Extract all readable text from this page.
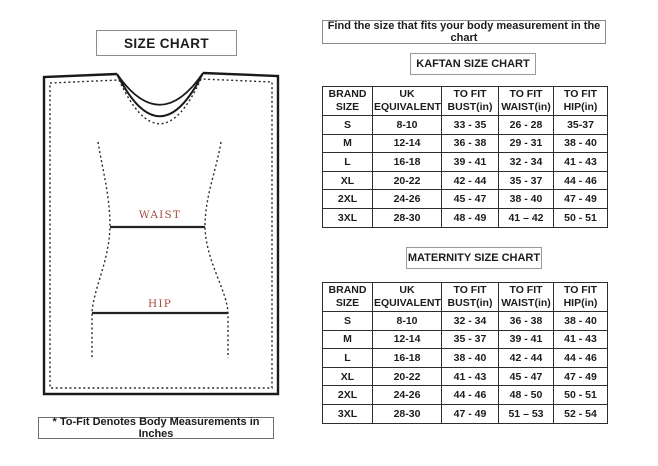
SIZE CHART
WAIST
HIP
* To-Fit Denotes Body Measurements in Inches
Find the size that fits your body measurement in the chart
KAFTAN SIZE CHART
BRAND SIZE	UK EQUIVALENT	TO FIT BUST(in)	TO FIT WAIST(in)	TO FIT HIP(in)
S	8-10	33 - 35	26 - 28	35-37
M	12-14	36 - 38	29 - 31	38 - 40
L	16-18	39 - 41	32 - 34	41 - 43
XL	20-22	42 - 44	35 - 37	44 - 46
2XL	24-26	45 - 47	38 - 40	47 - 49
3XL	28-30	48 - 49	41 – 42	50 - 51
MATERNITY SIZE CHART
BRAND SIZE	UK EQUIVALENT	TO FIT BUST(in)	TO FIT WAIST(in)	TO FIT HIP(in)
S	8-10	32 - 34	36 - 38	38 - 40
M	12-14	35 - 37	39 - 41	41 - 43
L	16-18	38 - 40	42 - 44	44 - 46
XL	20-22	41 - 43	45 - 47	47 - 49
2XL	24-26	44 - 46	48 - 50	50 - 51
3XL	28-30	47 - 49	51 – 53	52 - 54
